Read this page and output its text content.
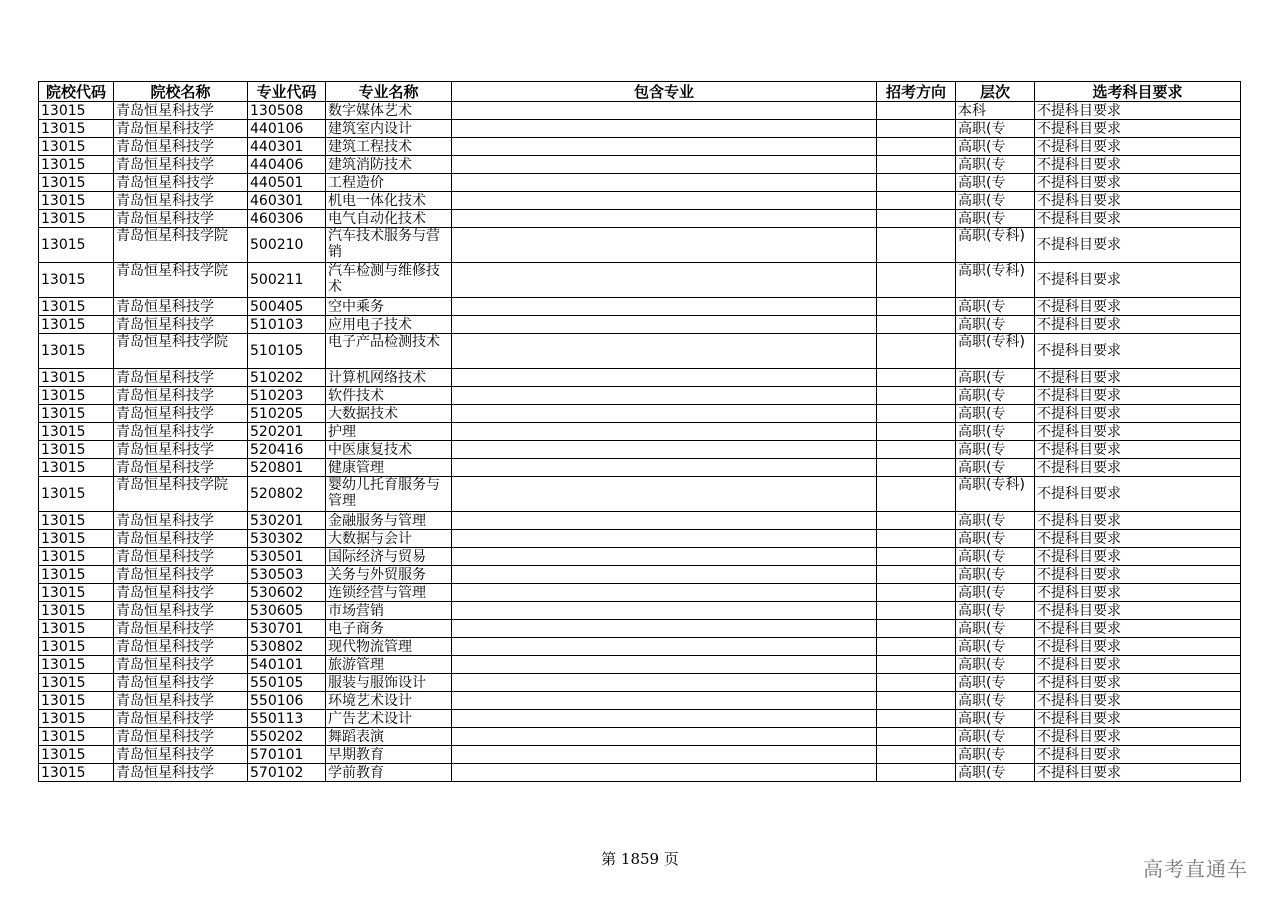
院校代码	院校名称	专业代码	专业名称	包含专业	招考方向	层次	选考科目要求
13015	青岛恒星科技学	130508	数字媒体艺术			本科	不提科目要求
13015	青岛恒星科技学	440106	建筑室内设计			高职(专	不提科目要求
13015	青岛恒星科技学	440301	建筑工程技术			高职(专	不提科目要求
13015	青岛恒星科技学	440406	建筑消防技术			高职(专	不提科目要求
13015	青岛恒星科技学	440501	工程造价			高职(专	不提科目要求
13015	青岛恒星科技学	460301	机电一体化技术			高职(专	不提科目要求
13015	青岛恒星科技学	460306	电气自动化技术			高职(专	不提科目要求
13015	青岛恒星科技学院	500210	汽车技术服务与营销			高职(专科)	不提科目要求
13015	青岛恒星科技学院	500211	汽车检测与维修技术			高职(专科)	不提科目要求
13015	青岛恒星科技学	500405	空中乘务			高职(专	不提科目要求
13015	青岛恒星科技学	510103	应用电子技术			高职(专	不提科目要求
13015	青岛恒星科技学院	510105	电子产品检测技术			高职(专科)	不提科目要求
13015	青岛恒星科技学	510202	计算机网络技术			高职(专	不提科目要求
13015	青岛恒星科技学	510203	软件技术			高职(专	不提科目要求
13015	青岛恒星科技学	510205	大数据技术			高职(专	不提科目要求
13015	青岛恒星科技学	520201	护理			高职(专	不提科目要求
13015	青岛恒星科技学	520416	中医康复技术			高职(专	不提科目要求
13015	青岛恒星科技学	520801	健康管理			高职(专	不提科目要求
13015	青岛恒星科技学院	520802	婴幼儿托育服务与管理			高职(专科)	不提科目要求
13015	青岛恒星科技学	530201	金融服务与管理			高职(专	不提科目要求
13015	青岛恒星科技学	530302	大数据与会计			高职(专	不提科目要求
13015	青岛恒星科技学	530501	国际经济与贸易			高职(专	不提科目要求
13015	青岛恒星科技学	530503	关务与外贸服务			高职(专	不提科目要求
13015	青岛恒星科技学	530602	连锁经营与管理			高职(专	不提科目要求
13015	青岛恒星科技学	530605	市场营销			高职(专	不提科目要求
13015	青岛恒星科技学	530701	电子商务			高职(专	不提科目要求
13015	青岛恒星科技学	530802	现代物流管理			高职(专	不提科目要求
13015	青岛恒星科技学	540101	旅游管理			高职(专	不提科目要求
13015	青岛恒星科技学	550105	服装与服饰设计			高职(专	不提科目要求
13015	青岛恒星科技学	550106	环境艺术设计			高职(专	不提科目要求
13015	青岛恒星科技学	550113	广告艺术设计			高职(专	不提科目要求
13015	青岛恒星科技学	550202	舞蹈表演			高职(专	不提科目要求
13015	青岛恒星科技学	570101	早期教育			高职(专	不提科目要求
13015	青岛恒星科技学	570102	学前教育			高职(专	不提科目要求
第 1859 页	高考直通车
